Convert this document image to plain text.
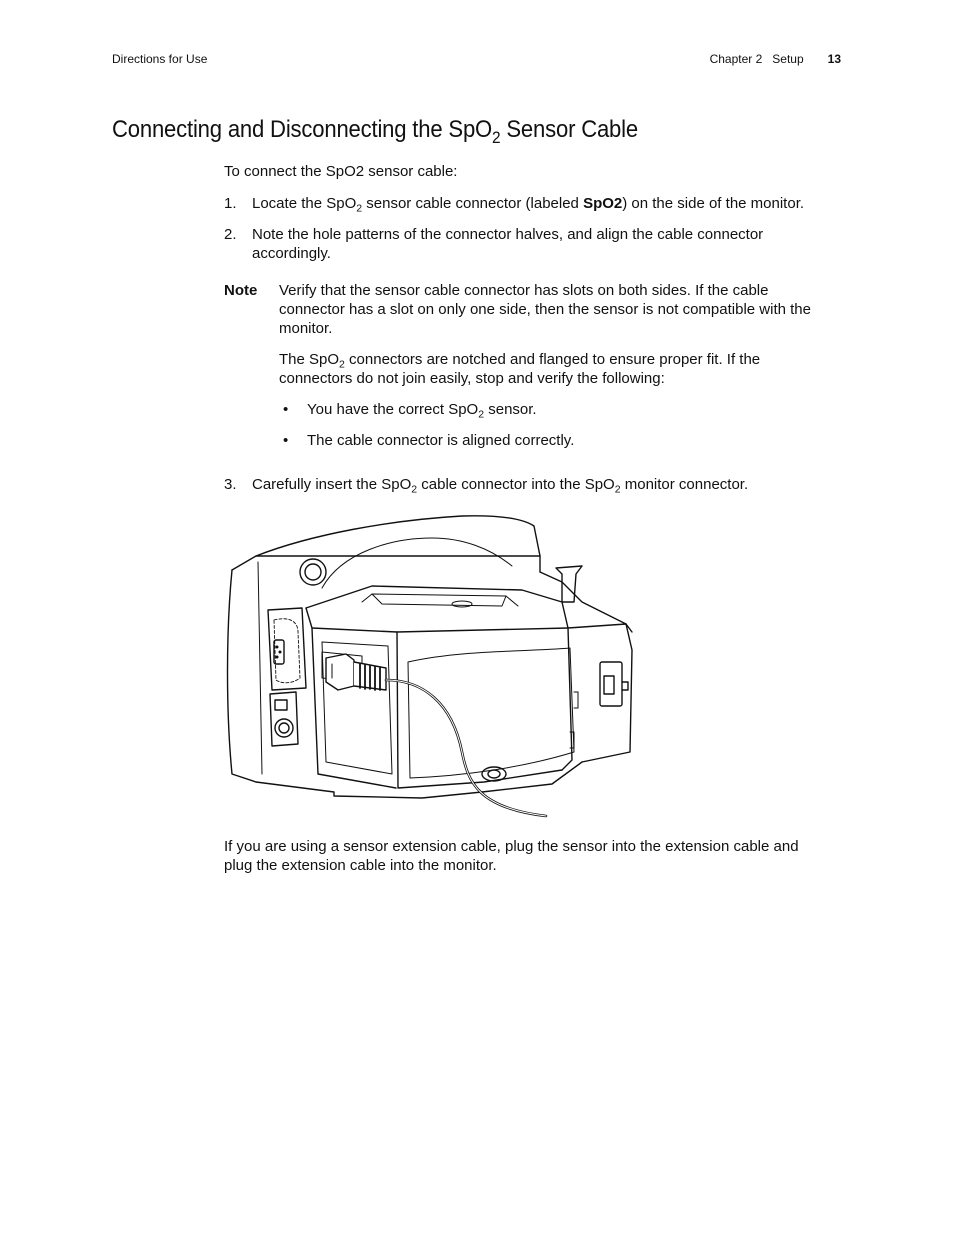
Directions for Use	Chapter 2   Setup 13
Connecting and Disconnecting the SpO$_2$ Sensor Cable
To connect the SpO2 sensor cable:
1. Locate the SpO$_2$ sensor cable connector (labeled SpO2) on the side of the monitor.
2. Note the hole patterns of the connector halves, and align the cable connector
accordingly.
Note Verify that the sensor cable connector has slots on both sides. If the cable
connector has a slot on only one side, then the sensor is not compatible with the
monitor.
The SpO$_2$ connectors are notched and flanged to ensure proper fit. If the
connectors do not join easily, stop and verify the following:
• You have the correct SpO$_2$ sensor.
• The cable connector is aligned correctly.
3. Carefully insert the SpO$_2$ cable connector into the SpO$_2$ monitor connector.
If you are using a sensor extension cable, plug the sensor into the extension cable and
plug the extension cable into the monitor.
